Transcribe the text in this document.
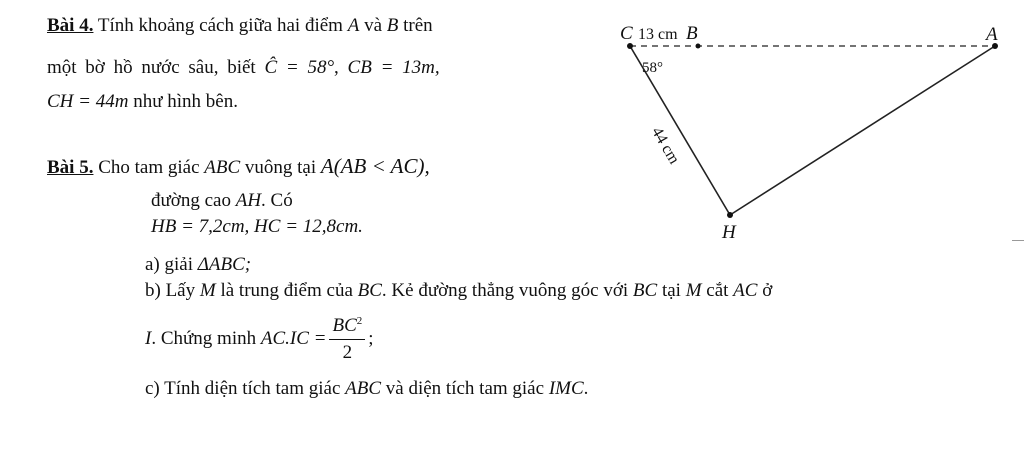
Bài 4. Tính khoảng cách giữa hai điểm A và B trên
một bờ hồ nước sâu, biết Ĉ = 58°, CB = 13m,
CH = 44m như hình bên.
C 13 cm B	A
58°
44 cm
H
Bài 5. Cho tam giác ABC vuông tại A(AB < AC),
đường cao AH. Có
HB = 7,2cm, HC = 12,8cm.
a) giải ΔABC;
b) Lấy M là trung điểm của BC. Kẻ đường thẳng vuông góc với BC tại M cắt AC ở
I. Chứng minh $AC.IC = \frac{BC^2}{2}$ ;
c) Tính diện tích tam giác ABC và diện tích tam giác IMC.
